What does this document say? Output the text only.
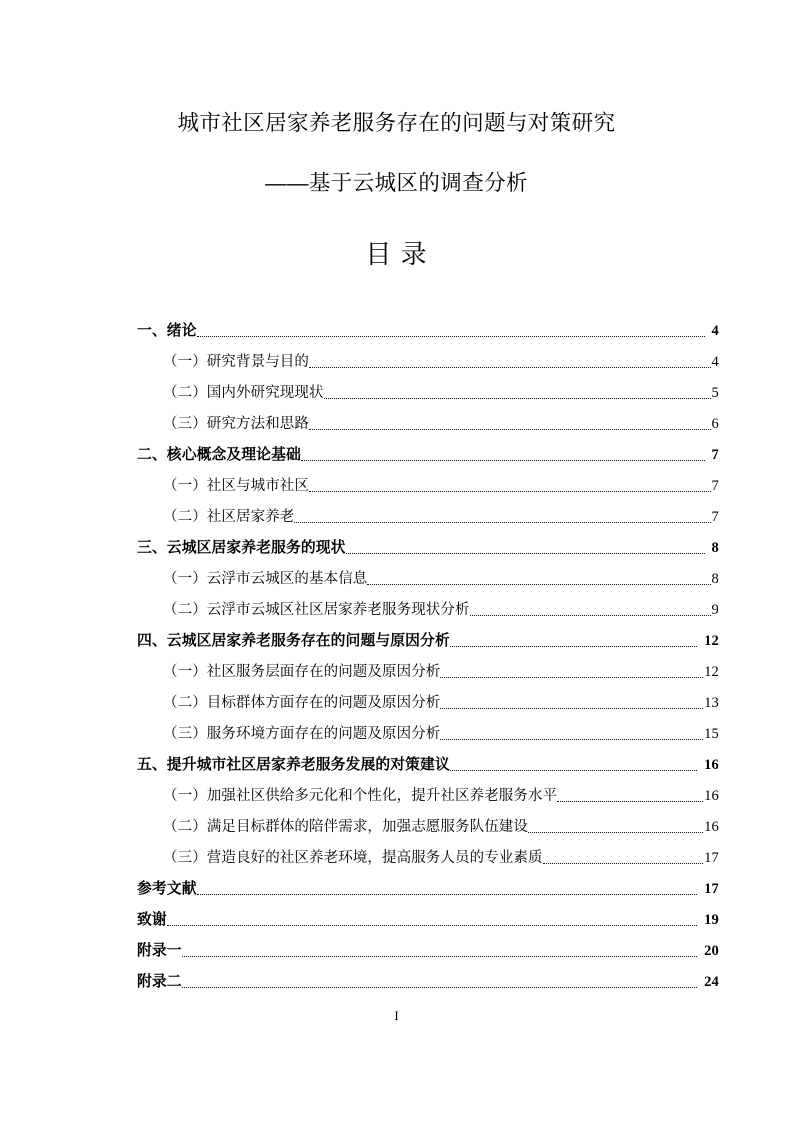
城市社区居家养老服务存在的问题与对策研究
——基于云城区的调查分析
目 录
一、绪论	4
（一）研究背景与目的	4
（二）国内外研究现现状	5
（三）研究方法和思路	6
二、核心概念及理论基础	7
（一）社区与城市社区	7
（二）社区居家养老	7
三、云城区居家养老服务的现状	8
（一）云浮市云城区的基本信息	8
（二）云浮市云城区社区居家养老服务现状分析	9
四、云城区居家养老服务存在的问题与原因分析	12
（一）社区服务层面存在的问题及原因分析	12
（二）目标群体方面存在的问题及原因分析	13
（三）服务环境方面存在的问题及原因分析	15
五、提升城市社区居家养老服务发展的对策建议	16
（一）加强社区供给多元化和个性化，提升社区养老服务水平	16
（二）满足目标群体的陪伴需求，加强志愿服务队伍建设	16
（三）营造良好的社区养老环境，提高服务人员的专业素质	17
参考文献	17
致谢	19
附录一	20
附录二	24
I
